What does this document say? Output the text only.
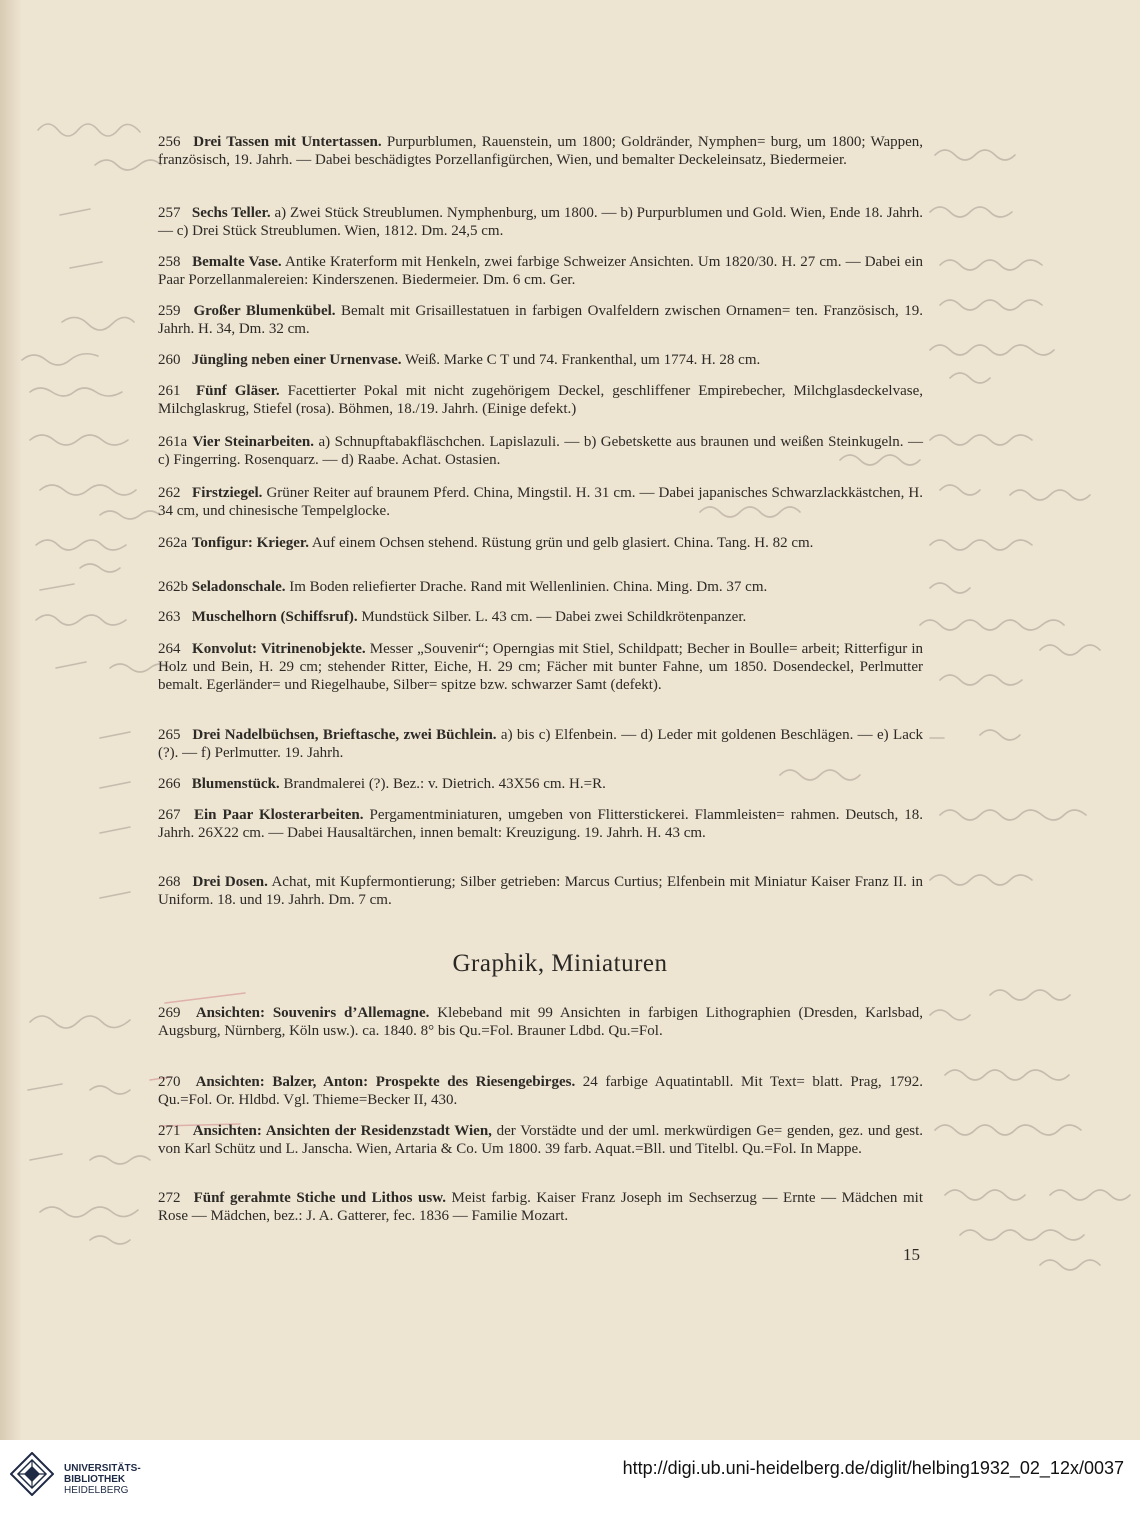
256 Drei Tassen mit Untertassen. Purpurblumen, Rauenstein, um 1800; Goldränder, Nymphen= burg, um 1800; Wappen, französisch, 19. Jahrh. — Dabei beschädigtes Porzellanfigürchen, Wien, und bemalter Deckeleinsatz, Biedermeier.
257 Sechs Teller. a) Zwei Stück Streublumen. Nymphenburg, um 1800. — b) Purpurblumen und Gold. Wien, Ende 18. Jahrh. — c) Drei Stück Streublumen. Wien, 1812. Dm. 24,5 cm.
258 Bemalte Vase. Antike Kraterform mit Henkeln, zwei farbige Schweizer Ansichten. Um 1820/30. H. 27 cm. — Dabei ein Paar Porzellanmalereien: Kinderszenen. Biedermeier. Dm. 6 cm. Ger.
259 Großer Blumenkübel. Bemalt mit Grisaillestatuen in farbigen Ovalfeldern zwischen Ornamen= ten. Französisch, 19. Jahrh. H. 34, Dm. 32 cm.
260 Jüngling neben einer Urnenvase. Weiß. Marke C T und 74. Frankenthal, um 1774. H. 28 cm.
261 Fünf Gläser. Facettierter Pokal mit nicht zugehörigem Deckel, geschliffener Empirebecher, Milchglasdeckelvase, Milchglaskrug, Stiefel (rosa). Böhmen, 18./19. Jahrh. (Einige defekt.)
261a Vier Steinarbeiten. a) Schnupftabakfläschchen. Lapislazuli. — b) Gebetskette aus braunen und weißen Steinkugeln. — c) Fingerring. Rosenquarz. — d) Raabe. Achat. Ostasien.
262 Firstziegel. Grüner Reiter auf braunem Pferd. China, Mingstil. H. 31 cm. — Dabei japanisches Schwarzlackkästchen, H. 34 cm, und chinesische Tempelglocke.
262a Tonfigur: Krieger. Auf einem Ochsen stehend. Rüstung grün und gelb glasiert. China. Tang. H. 82 cm.
262b Seladonschale. Im Boden reliefierter Drache. Rand mit Wellenlinien. China. Ming. Dm. 37 cm.
263 Muschelhorn (Schiffsruf). Mundstück Silber. L. 43 cm. — Dabei zwei Schildkrötenpanzer.
264 Konvolut: Vitrinenobjekte. Messer „Souvenir“; Operngias mit Stiel, Schildpatt; Becher in Boulle= arbeit; Ritterfigur in Holz und Bein, H. 29 cm; stehender Ritter, Eiche, H. 29 cm; Fächer mit bunter Fahne, um 1850. Dosendeckel, Perlmutter bemalt. Egerländer= und Riegelhaube, Silber= spitze bzw. schwarzer Samt (defekt).
265 Drei Nadelbüchsen, Brieftasche, zwei Büchlein. a) bis c) Elfenbein. — d) Leder mit goldenen Beschlägen. — e) Lack (?). — f) Perlmutter. 19. Jahrh.
266 Blumenstück. Brandmalerei (?). Bez.: v. Dietrich. 43X56 cm. H.=R.
267 Ein Paar Klosterarbeiten. Pergamentminiaturen, umgeben von Flitterstickerei. Flammleisten= rahmen. Deutsch, 18. Jahrh. 26X22 cm. — Dabei Hausaltärchen, innen bemalt: Kreuzigung. 19. Jahrh. H. 43 cm.
268 Drei Dosen. Achat, mit Kupfermontierung; Silber getrieben: Marcus Curtius; Elfenbein mit Miniatur Kaiser Franz II. in Uniform. 18. und 19. Jahrh. Dm. 7 cm.
Graphik, Miniaturen
269 Ansichten: Souvenirs d’Allemagne. Klebeband mit 99 Ansichten in farbigen Lithographien (Dresden, Karlsbad, Augsburg, Nürnberg, Köln usw.). ca. 1840. 8° bis Qu.=Fol. Brauner Ldbd. Qu.=Fol.
270 Ansichten: Balzer, Anton: Prospekte des Riesengebirges. 24 farbige Aquatintabll. Mit Text= blatt. Prag, 1792. Qu.=Fol. Or. Hldbd. Vgl. Thieme=Becker II, 430.
271 Ansichten: Ansichten der Residenzstadt Wien, der Vorstädte und der uml. merkwürdigen Ge= genden, gez. und gest. von Karl Schütz und L. Janscha. Wien, Artaria & Co. Um 1800. 39 farb. Aquat.=Bll. und Titelbl. Qu.=Fol. In Mappe.
272 Fünf gerahmte Stiche und Lithos usw. Meist farbig. Kaiser Franz Joseph im Sechserzug — Ernte — Mädchen mit Rose — Mädchen, bez.: J. A. Gatterer, fec. 1836 — Familie Mozart.
15
UNIVERSITÄTS-
BIBLIOTHEK
HEIDELBERG
http://digi.ub.uni-heidelberg.de/diglit/helbing1932_02_12x/0037
